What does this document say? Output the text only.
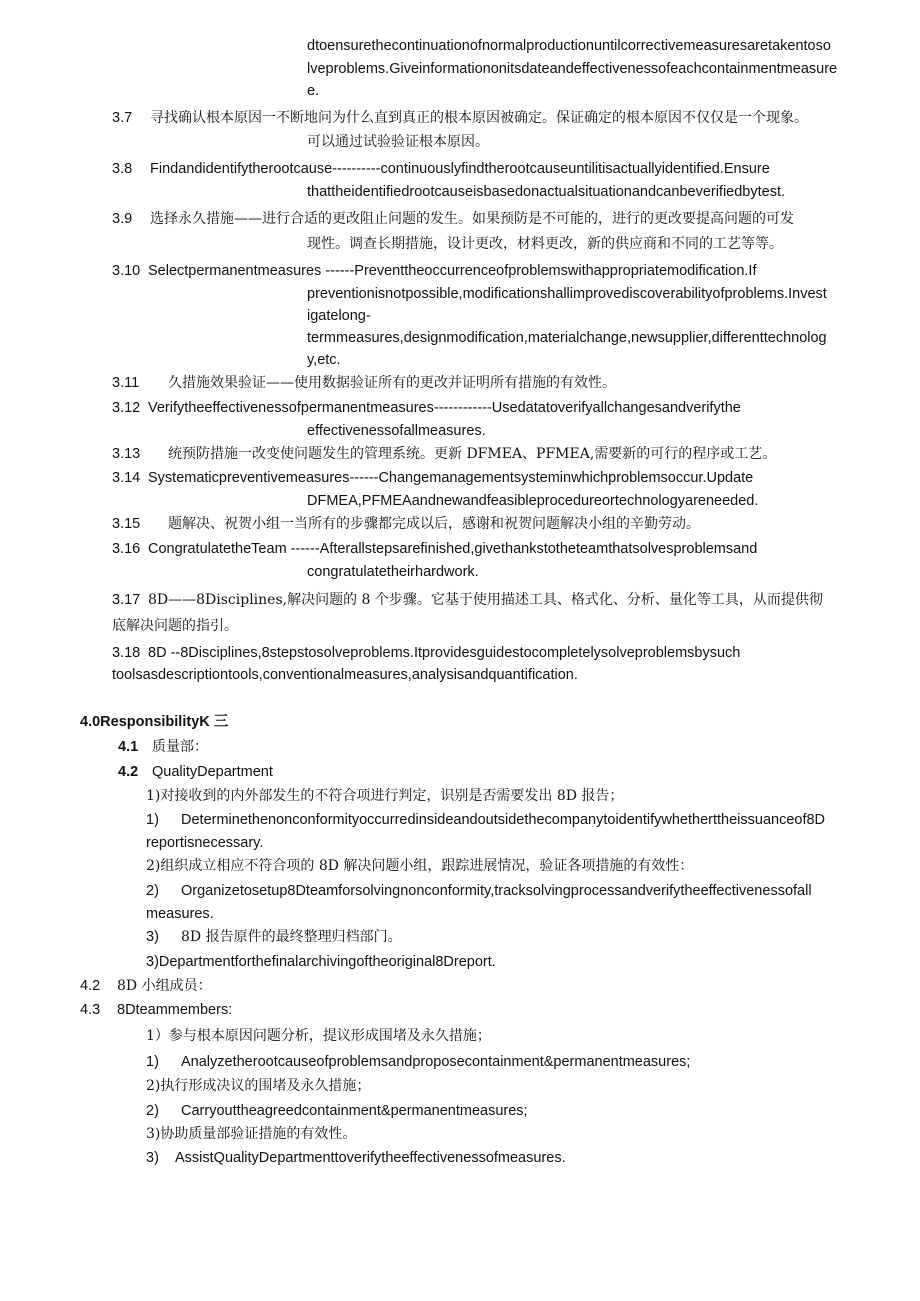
dtoensurethecontinuationofnormalproductionuntilcorrectivemeasuresaretakentoso
lveproblems.Giveinformationonitsdateandeffectivenessofeachcontainmentmeasure
e.
3.7 寻找确认根本原因一不断地问为什么直到真正的根本原因被确定。保证确定的根本原因不仅仅是一个现象。
可以通过试验验证根本原因。
3.8 Findandidentifytherootcause----------continuouslyfindtherootcauseuntilitisactuallyidentified.Ensure
thattheidentifiedrootcauseisbasedonactualsituationandcanbeverifiedbytest.
3.9 选择永久措施——进行合适的更改阻止问题的发生。如果预防是不可能的，进行的更改要提高问题的可发
现性。调查长期措施，设计更改，材料更改，新的供应商和不同的工艺等等。
3.10 Selectpermanentmeasures ------Preventtheoccurrenceofproblemswithappropriatemodification.If
preventionisnotpossible,modificationshallimprovediscoverabilityofproblems.Invest
igatelong-
termmeasures,designmodification,materialchange,newsupplier,differenttechnolog
y,etc.
3.11 久措施效果验证——使用数据验证所有的更改并证明所有措施的有效性。
3.12 Verifytheeffectivenessofpermanentmeasures------------Usedatatoverifyallchangesandverifythe
effectivenessofallmeasures.
3.13 统预防措施一改变使问题发生的管理系统。更新 DFMEA、PFMEA,需要新的可行的程序或工艺。
3.14 Systematicpreventivemeasures------Changemanagementsysteminwhichproblemsoccur.Update
DFMEA,PFMEAandnewandfeasibleprocedureortechnologyareneeded.
3.15 题解决、祝贺小组一当所有的步骤都完成以后，感谢和祝贺问题解决小组的辛勤劳动。
3.16 CongratulatetheTeam ------Afterallstepsarefinished,givethankstotheteamthatsolvesproblemsand
congratulatetheirhardwork.
3.17 8D——8Disciplines,解决问题的 8 个步骤。它基于使用描述工具、格式化、分析、量化等工具，从而提供彻
底解决问题的指引。
3.18 8D --8Disciplines,8stepstosolveproblems.Itprovidesguidestocompletelysolveproblemsbysuch
toolsasdescriptiontools,conventionalmeasures,analysisandquantification.
4.0ResponsibilityK 三
4.1 质量部：
4.2 QualityDepartment
1)对接收到的内外部发生的不符合项进行判定，识别是否需要发出 8D 报告；
1) Determinethenonconformityoccurredinsideandoutsidethecompanytoidentifywhetherttheissuanceof8D
reportisnecessary.
2)组织成立相应不符合项的 8D 解决问题小组，跟踪进展情况，验证各项措施的有效性：
2) Organizetosetup8Dteamforsolvingnonconformity,tracksolvingprocessandverifytheeffectivenessofall
measures.
3) 8D 报告原件的最终整理归档部门。
3)Departmentforthefinalarchivingoftheoriginal8Dreport.
4.2 8D 小组成员：
4.3 8Dteammembers:
1）参与根本原因问题分析，提议形成围堵及永久措施；
1) Analyzetherootcauseofproblemsandproposecontainment&permanentmeasures;
2)执行形成决议的围堵及永久措施；
2) Carryouttheagreedcontainment&permanentmeasures;
3)协助质量部验证措施的有效性。
3) AssistQualityDepartmenttoverifytheeffectivenessofmeasures.
